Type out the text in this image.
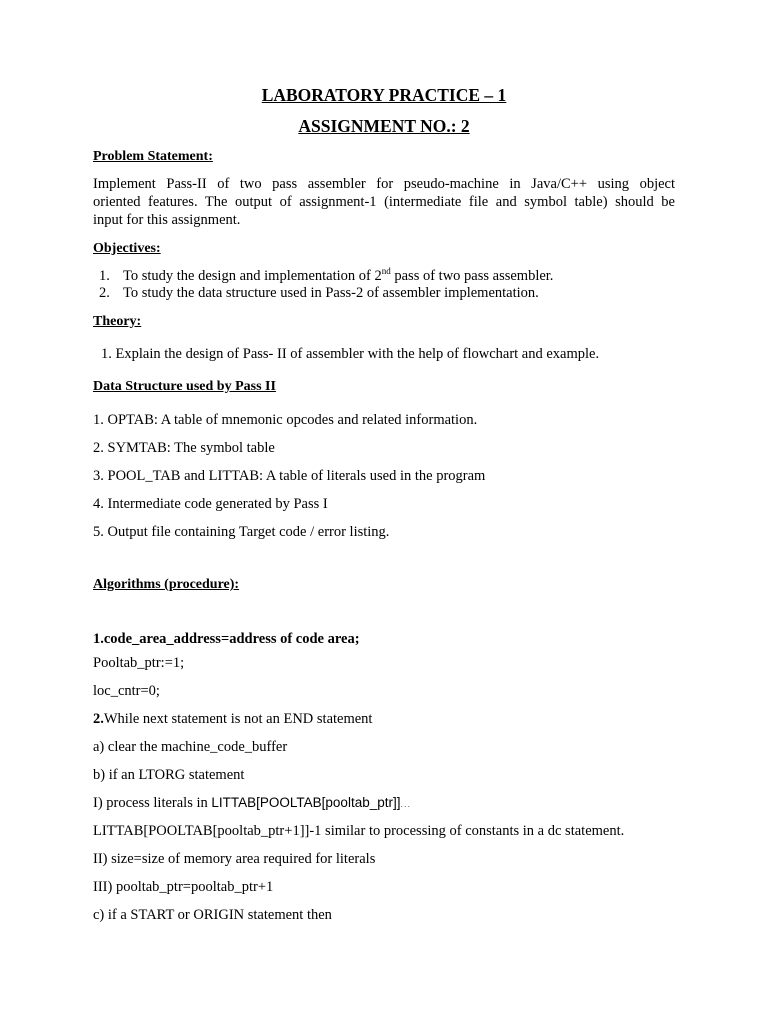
LABORATORY PRACTICE – 1
ASSIGNMENT NO.: 2
Problem Statement:
Implement Pass-II of two pass assembler for pseudo-machine in Java/C++ using object
oriented features. The output of assignment-1 (intermediate file and symbol table) should be
input for this assignment.
Objectives:
1. To study the design and implementation of 2nd pass of two pass assembler.
2. To study the data structure used in Pass-2 of assembler implementation.
Theory:
1. Explain the design of Pass- II of assembler with the help of flowchart and example.
Data Structure used by Pass II
1. OPTAB: A table of mnemonic opcodes and related information.
2. SYMTAB: The symbol table
3. POOL_TAB and LITTAB: A table of literals used in the program
4. Intermediate code generated by Pass I
5. Output file containing Target code / error listing.
Algorithms (procedure):
1.code_area_address=address of code area;
Pooltab_ptr:=1;
loc_cntr=0;
2.While next statement is not an END statement
a) clear the machine_code_buffer
b) if an LTORG statement
I) process literals in LITTAB[POOLTAB[pooltab_ptr]]...
LITTAB[POOLTAB[pooltab_ptr+1]]-1 similar to processing of constants in a dc statement.
II) size=size of memory area required for literals
III) pooltab_ptr=pooltab_ptr+1
c) if a START or ORIGIN statement then
